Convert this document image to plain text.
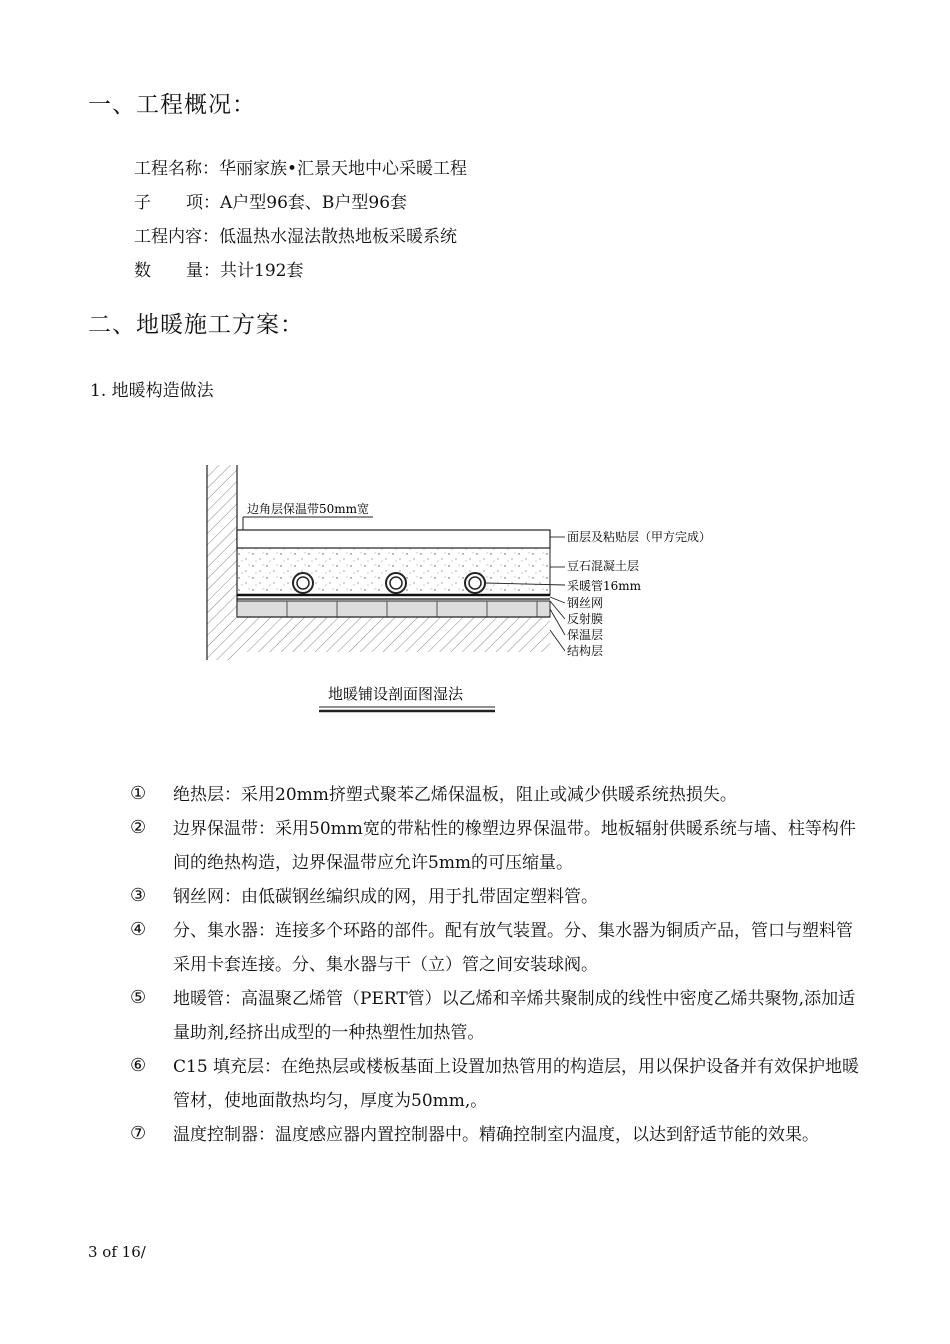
一、工程概况：
工程名称：华丽家族•汇景天地中心采暖工程
子 项：A户型96套、B户型96套
工程内容：低温热水湿法散热地板采暖系统
数 量：共计192套
二、地暖施工方案：
1. 地暖构造做法
边角层保温带50mm宽
面层及粘贴层（甲方完成）
豆石混凝土层
采暖管16mm
钢丝网
反射膜
保温层
结构层
地暖铺设剖面图湿法
① 绝热层：采用20mm挤塑式聚苯乙烯保温板，阻止或减少供暖系统热损失。
② 边界保温带：采用50mm宽的带粘性的橡塑边界保温带。地板辐射供暖系统与墙、柱等构件间的绝热构造，边界保温带应允许5mm的可压缩量。
③ 钢丝网：由低碳钢丝编织成的网，用于扎带固定塑料管。
④ 分、集水器：连接多个环路的部件。配有放气装置。分、集水器为铜质产品，管口与塑料管采用卡套连接。分、集水器与干（立）管之间安装球阀。
⑤ 地暖管：高温聚乙烯管（PERT管）以乙烯和辛烯共聚制成的线性中密度乙烯共聚物,添加适量助剂,经挤出成型的一种热塑性加热管。
⑥ C15 填充层：在绝热层或楼板基面上设置加热管用的构造层，用以保护设备并有效保护地暖管材，使地面散热均匀，厚度为50mm,。
⑦ 温度控制器：温度感应器内置控制器中。精确控制室内温度，以达到舒适节能的效果。
3 of 16/
